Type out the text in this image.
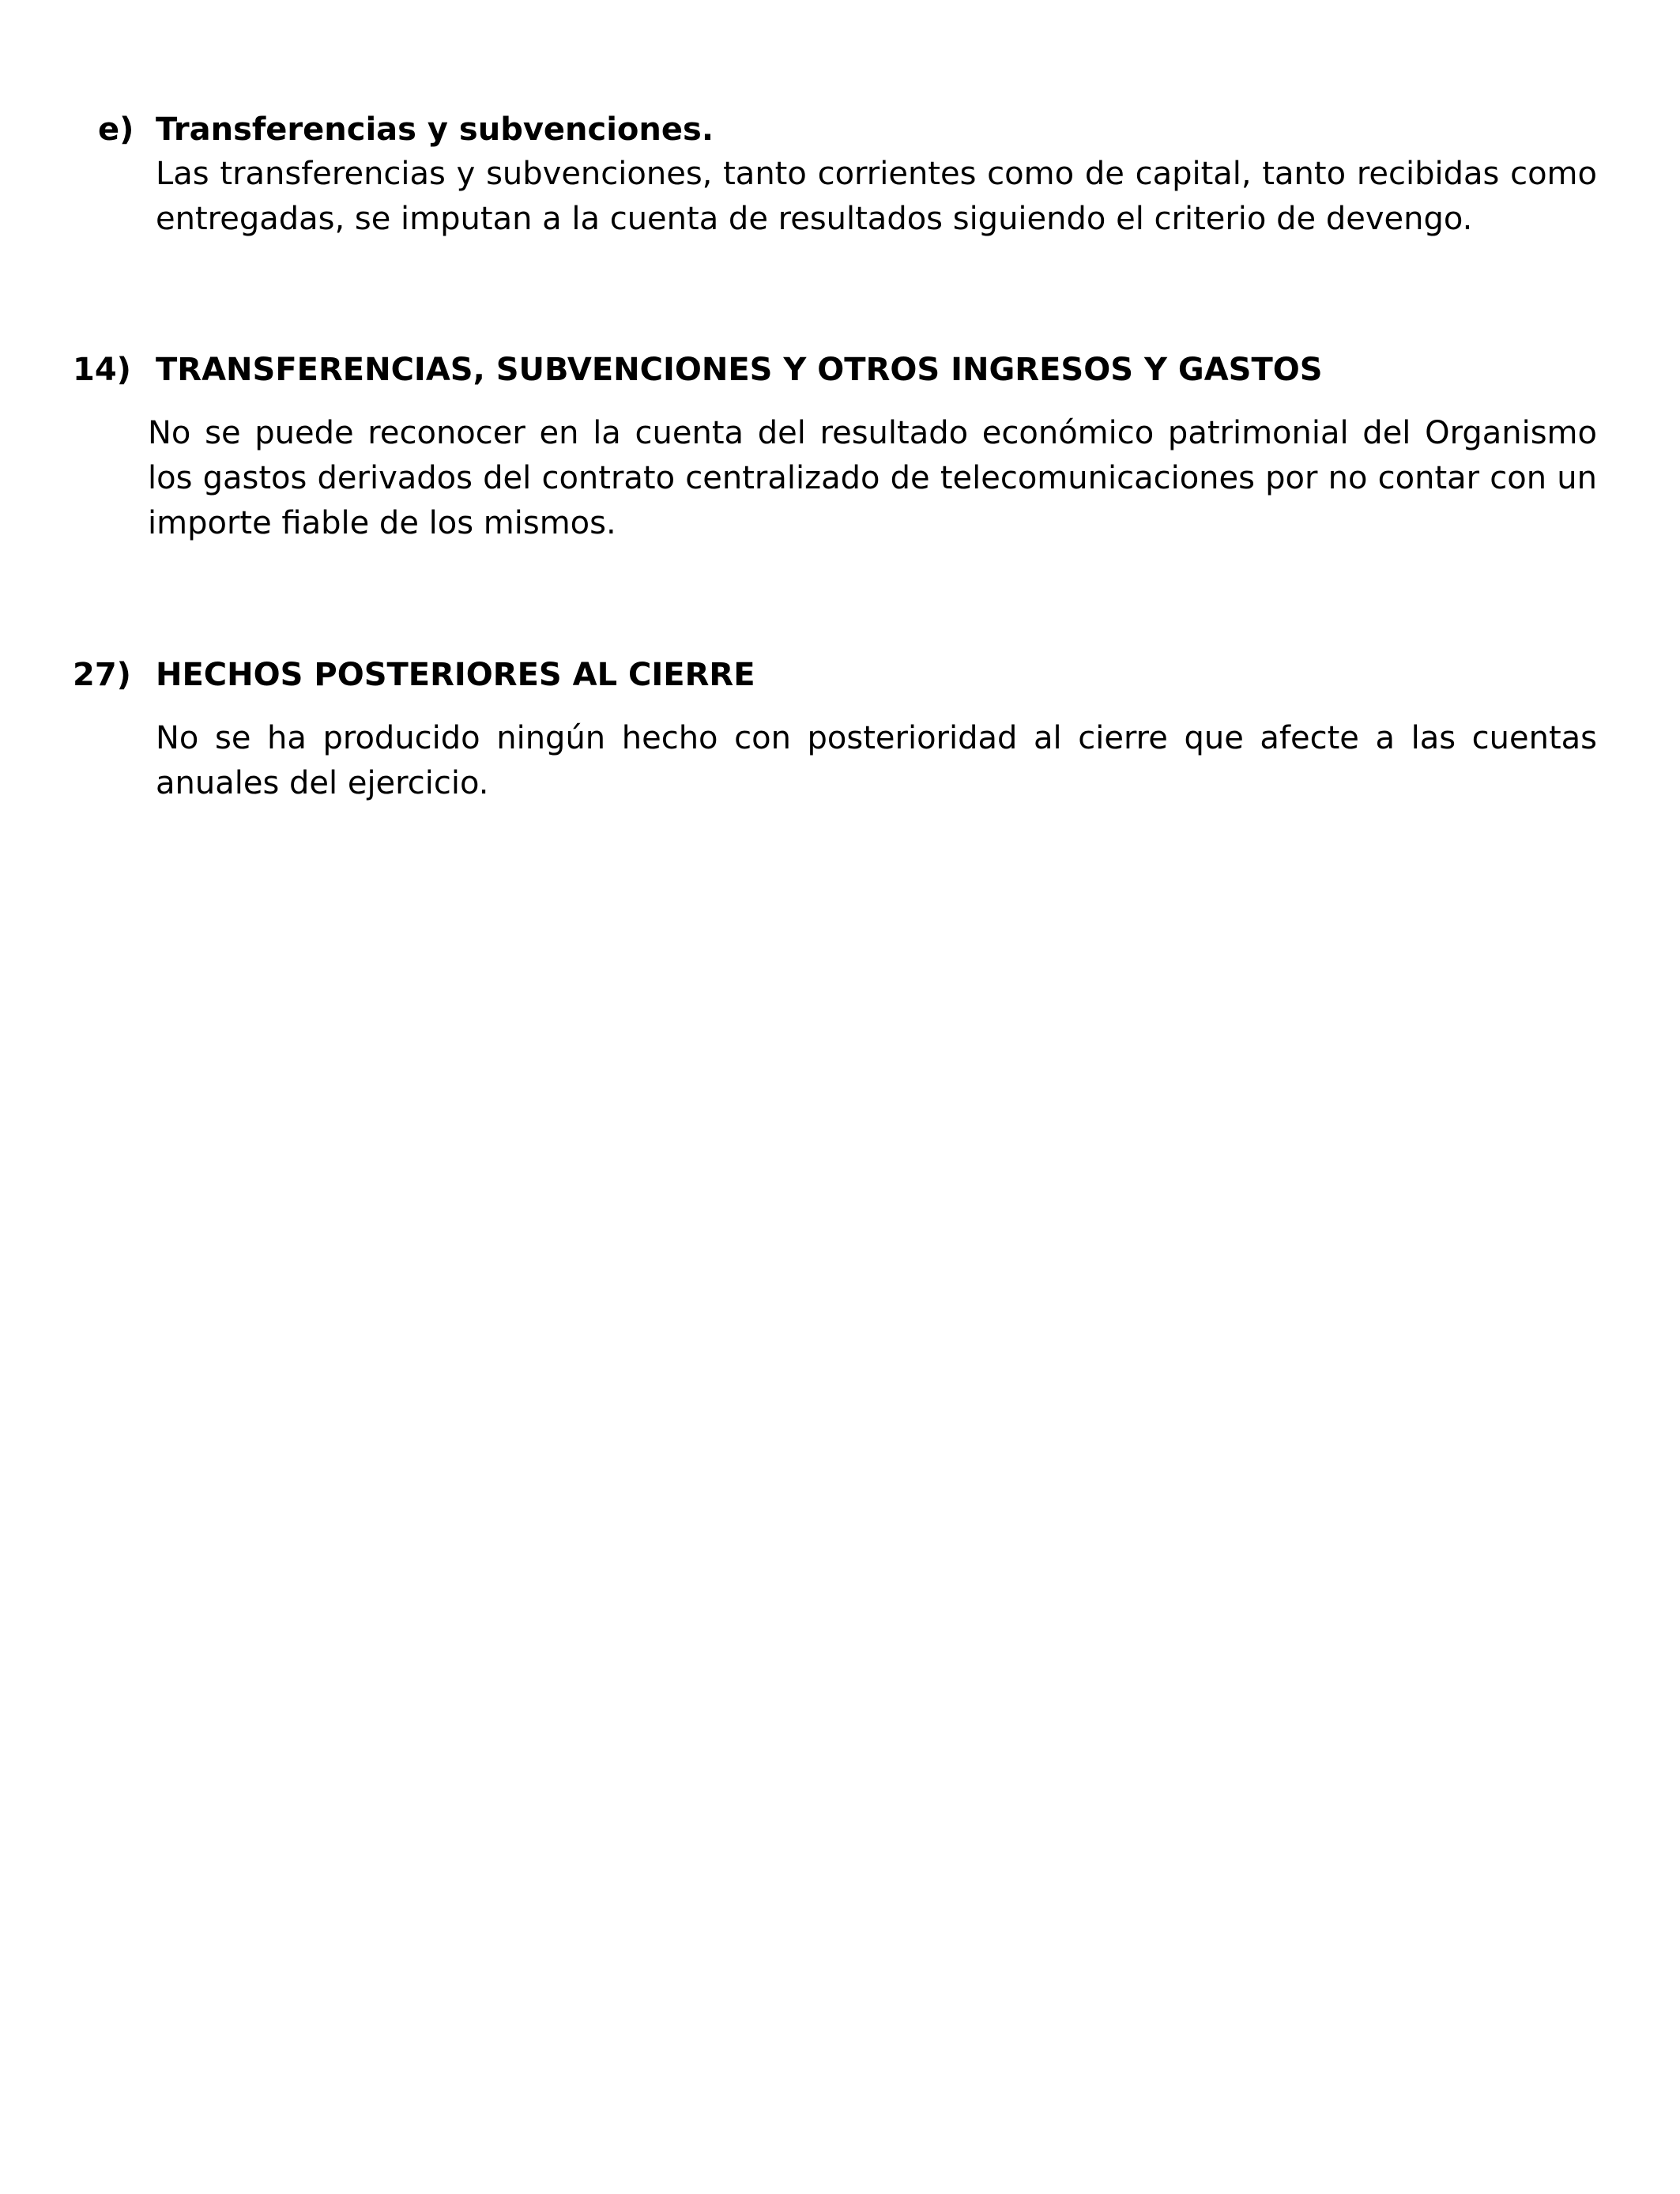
e) Transferencias y subvenciones.
Las transferencias y subvenciones, tanto corrientes como de capital, tanto recibidas como entregadas, se imputan a la cuenta de resultados siguiendo el criterio de devengo.
14) TRANSFERENCIAS, SUBVENCIONES Y OTROS INGRESOS Y GASTOS
No se puede reconocer en la cuenta del resultado económico patrimonial del Organismo los gastos derivados del contrato centralizado de telecomunicaciones por no contar con un importe fiable de los mismos.
27) HECHOS POSTERIORES AL CIERRE
No se ha producido ningún hecho con posterioridad al cierre que afecte a las cuentas anuales del ejercicio.
